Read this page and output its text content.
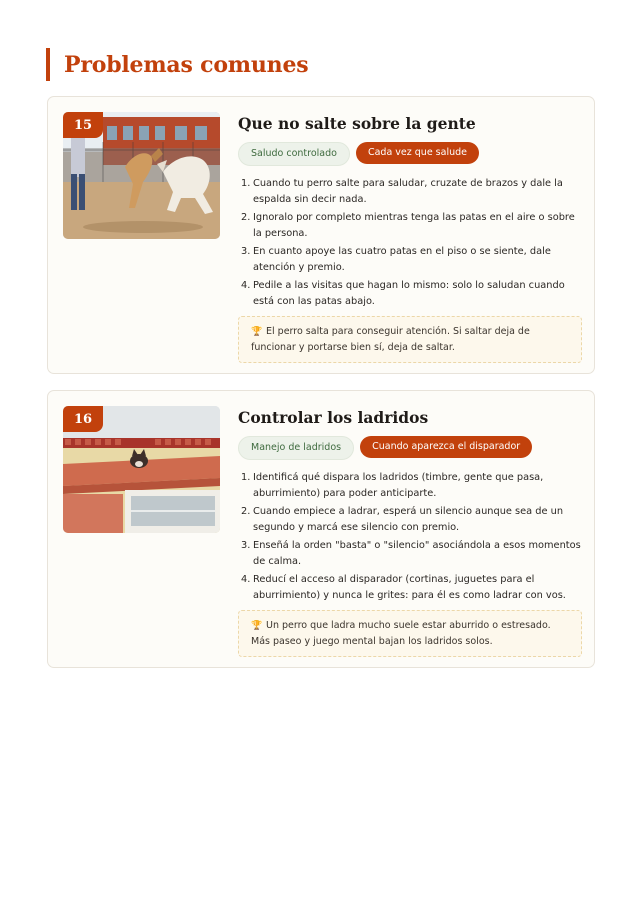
Problemas comunes
15	Que no salte sobre la gente
Saludo controlado	Cada vez que salude
1. Cuando tu perro salte para saludar, cruzate de brazos y dale la espalda sin decir nada.
2. Ignoralo por completo mientras tenga las patas en el aire o sobre la persona.
3. En cuanto apoye las cuatro patas en el piso o se siente, dale atención y premio.
4. Pedile a las visitas que hagan lo mismo: solo lo saludan cuando está con las patas abajo.
🏆 El perro salta para conseguir atención. Si saltar deja de funcionar y portarse bien sí, deja de saltar.
16	Controlar los ladridos
Manejo de ladridos	Cuando aparezca el disparador
1. Identificá qué dispara los ladridos (timbre, gente que pasa, aburrimiento) para poder anticiparte.
2. Cuando empiece a ladrar, esperá un silencio aunque sea de un segundo y marcá ese silencio con premio.
3. Enseñá la orden "basta" o "silencio" asociándola a esos momentos de calma.
4. Reducí el acceso al disparador (cortinas, juguetes para el aburrimiento) y nunca le grites: para él es como ladrar con vos.
🏆 Un perro que ladra mucho suele estar aburrido o estresado. Más paseo y juego mental bajan los ladridos solos.
